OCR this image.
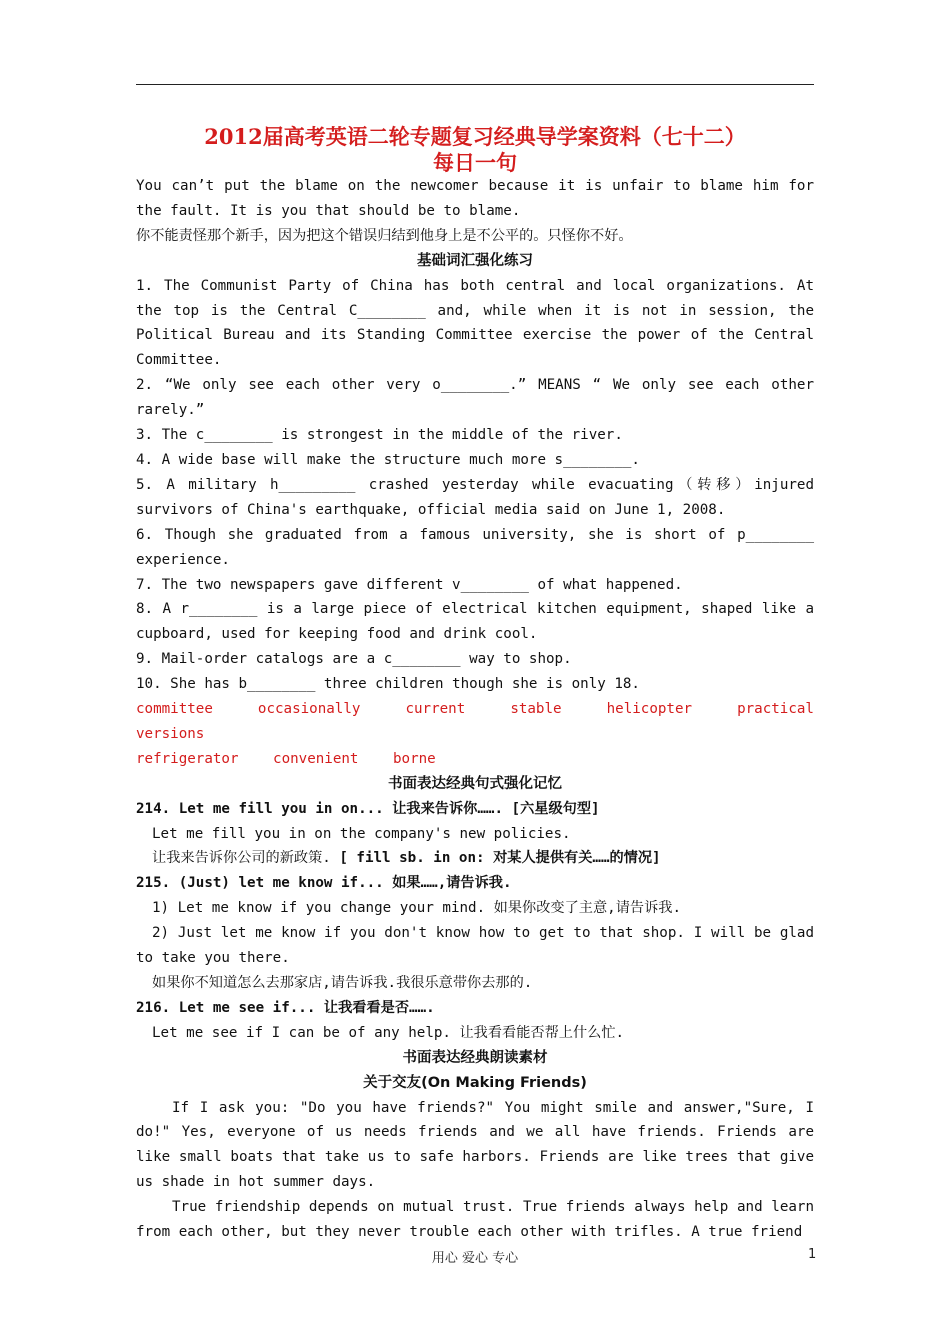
2012届高考英语二轮专题复习经典导学案资料（七十二）
每日一句

You can’t put the blame on the newcomer because it is unfair to blame him for the fault. It is you that should be to blame.

你不能责怪那个新手，因为把这个错误归结到他身上是不公平的。只怪你不好。

基础词汇强化练习

1. The Communist Party of China has both central and local organizations. At the top is the Central C________ and, while when it is not in session, the Political Bureau and its Standing Committee exercise the power of the Central Committee.

2. “We only see each other very o________.” MEANS “ We only see each other rarely.”

3. The c________ is strongest in the middle of the river.

4. A wide base will make the structure much more s________.

5. A military h_________ crashed yesterday while evacuating（转移）injured survivors of China's earthquake, official media said on June 1, 2008.

6. Though she graduated from a famous university, she is short of p________ experience.

7. The two newspapers gave different v________ of what happened.

8. A r________ is a large piece of electrical kitchen equipment, shaped like a cupboard, used for keeping food and drink cool.

9. Mail-order catalogs are a c________ way to shop.

10. She has b________ three children though she is only 18.

committee	occasionally	current	stable	helicopter	practical

versions

refrigerator convenient borne

书面表达经典句式强化记忆

214. Let me fill you in on... 让我来告诉你……. [六星级句型]

Let me fill you in on the company's new policies.

让我来告诉你公司的新政策. [ fill sb. in on: 对某人提供有关……的情况]

215. (Just) let me know if... 如果……,请告诉我.

1) Let me know if you change your mind. 如果你改变了主意,请告诉我.

2) Just let me know if you don't know how to get to that shop. I will be glad to take you there.

如果你不知道怎么去那家店,请告诉我.我很乐意带你去那的.

216. Let me see if... 让我看看是否…….

Let me see if I can be of any help. 让我看看能否帮上什么忙.

书面表达经典朗读素材

关于交友(On Making Friends)

If I ask you: "Do you have friends?" You might smile and answer,"Sure, I do!" Yes, everyone of us needs friends and we all have friends. Friends are like small boats that take us to safe harbors. Friends are like trees that give us shade in hot summer days.

True friendship depends on mutual trust. True friends always help and learn from each other, but they never trouble each other with trifles. A true friend

用心 爱心 专心	1
